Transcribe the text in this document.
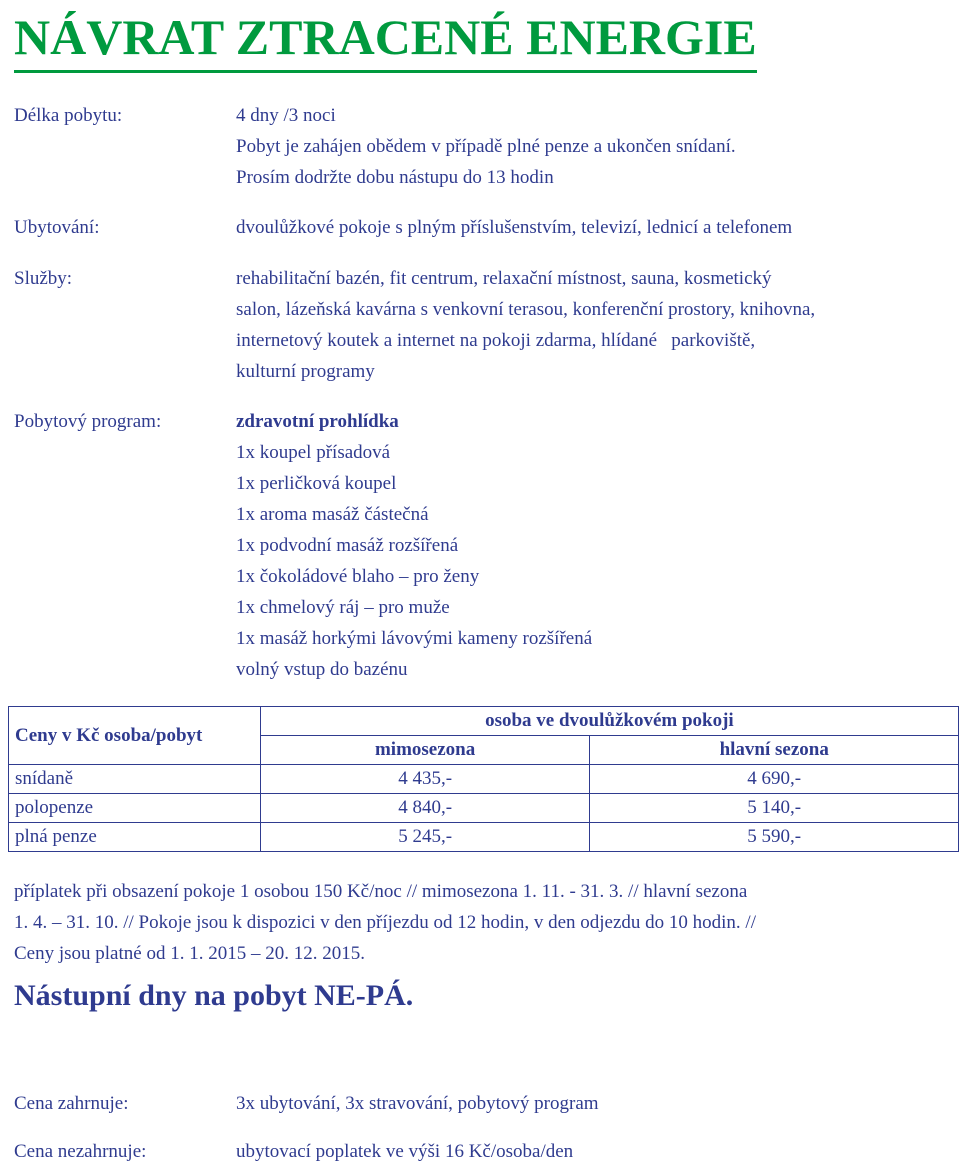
NÁVRAT ZTRACENÉ ENERGIE
Délka pobytu:	4 dny /3 noci
Pobyt je zahájen obědem v případě plné penze a ukončen snídaní.
Prosím dodržte dobu nástupu do 13 hodin
Ubytování:	dvoulůžkové pokoje s plným příslušenstvím, televizí, lednicí a telefonem
Služby:	rehabilitační bazén, fit centrum, relaxační místnost, sauna, kosmetický
salon, lázeňská kavárna s venkovní terasou, konferenční prostory, knihovna,
internetový koutek a internet na pokoji zdarma, hlídané   parkoviště,
kulturní programy
Pobytový program:	zdravotní prohlídka
1x koupel přísadová
1x perličková koupel
1x aroma masáž částečná
1x podvodní masáž rozšířená
1x čokoládové blaho – pro ženy
1x chmelový ráj – pro muže
1x masáž horkými lávovými kameny rozšířená
volný vstup do bazénu
Ceny v Kč osoba/pobyt	osoba ve dvoulůžkovém pokoji	
	mimosezona	hlavní sezona
snídaně	4 435,-	4 690,-
polopenze	4 840,-	5 140,-
plná penze	5 245,-	5 590,-
příplatek při obsazení pokoje 1 osobou 150 Kč/noc // mimosezona 1. 11. - 31. 3. // hlavní sezona
1. 4. – 31. 10. // Pokoje jsou k dispozici v den příjezdu od 12 hodin, v den odjezdu do 10 hodin. //
Ceny jsou platné od 1. 1. 2015 – 20. 12. 2015.
Nástupní dny na pobyt NE-PÁ.
Cena zahrnuje:	3x ubytování, 3x stravování, pobytový program
Cena nezahrnuje:	ubytovací poplatek ve výši 16 Kč/osoba/den
